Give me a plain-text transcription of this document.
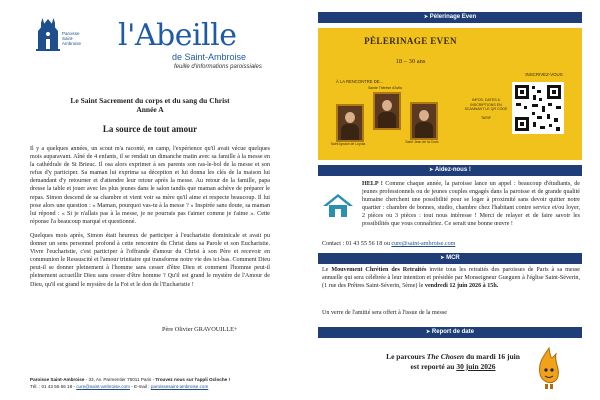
Paroisse Saint-Ambroise	l'Abeille
de Saint-Ambroise
feuille d'informations paroissiales
Le Saint Sacrement du corps et du sang du Christ
Année A
La source de tout amour

Il y a quelques années, un scout m'a raconté, en camp, l'expérience qu'il avait vécue quelques mois auparavant. Aîné de 4 enfants, il se rendait un dimanche matin avec sa famille à la messe en la cathédrale de St Brieuc. Il osa alors exprimer à ses parents son ras-le-bol de la messe et son refus d'y participer. Sa maman lui exprima sa déception et lui donna les clés de la maison lui demandant d'y retourner et d'attendre leur retour après la messe. Au retour de la famille, papa dresse la table et jouer avec les plus jeunes dans le salon tandis que maman achève de préparer le repas. Simon descend de sa chambre et vient voir sa mère qu'il aime et respecte beaucoup. Il lui pose alors une question : « Maman, pourquoi vas-tu à la messe ? » Inspirée sans doute, sa maman lui répond : « Si je n'allais pas à la messe, je ne pourrais pas t'aimer comme je t'aime ». Cette réponse l'a beaucoup marqué et questionné.

Quelques mois après, Simon était heureux de participer à l'eucharistie dominicale et avait pu donner un sens personnel profond à cette rencontre du Christ dans sa Parole et son Eucharistie. Vivre l'eucharistie, c'est participer à l'offrande d'amour du Christ à son Père et recevoir en communion le Ressuscité et l'amour trinitaire qui transforme notre vie des ici-bas. Comment Dieu peut-il se donner pleinement à l'homme sans cesser d'être Dieu et comment l'homme peut-il pleinement accueillir Dieu sans cesser d'être homme ? Qu'il est grand le mystère de l'Amour de Dieu, qu'il est grand le mystère de la Foi et le don de l'Eucharistie !

Père Olivier GRAVOUILLE+
Paroisse Saint-Ambroise - 33, Av. Parmentier 75011 Paris - Trouvez nous sur l'appli Ocloche !
Tél. : 01 43 55 56 18 - cure@saint-ambroise.com - E-mail : paroissesaint-ambroise.com
➤ Pèlerinage Even
PÈLERINAGE EVEN
18 – 30 ans
À LA RENCONTRE DE...
Saint Ignace de Loyola
Sainte Thérèse d'Avila
Saint Jean de la Croix
INFOS, DATES & INSCRIPTIONS EN SCANNANT LE QR CODE
TARIF
INSCRIVEZ-VOUS
➤ Aidez-nous !
HELP ! Comme chaque année, la paroisse lance un appel : beaucoup d'étudiants, de jeunes professionnels ou de jeunes couples engagés dans la paroisse et de grande qualité humaine cherchent une possibilité pour se loger à proximité sans devoir quitter notre quartier : chambre de bonnes, studio, chambre chez l'habitant contre service et/ou loyer, 2 pièces ou 3 pièces : tout nous intéresse ! Merci de relayer et de faire savoir les possibilités que vous connaîtriez. Ce serait une bonne œuvre !
Contact : 01 43 55 56 18 ou cure@saint-ambroise.com
➤ MCR
Le Mouvement Chrétien des Retraités invite tous les retraités des paroisses de Paris à sa messe annuelle qui sera célébrée à leur intention et présidée par Monseigneur Gueguen à l'église Saint-Séverin, (1 rue des Prêtres Saint-Séverin, 5ème) le vendredi 12 juin 2026 à 15h.
Un verre de l'amitié sera offert à l'issue de la messe
➤ Report de date
Le parcours The Chosen du mardi 16 juin
est reporté au 30 juin 2026
